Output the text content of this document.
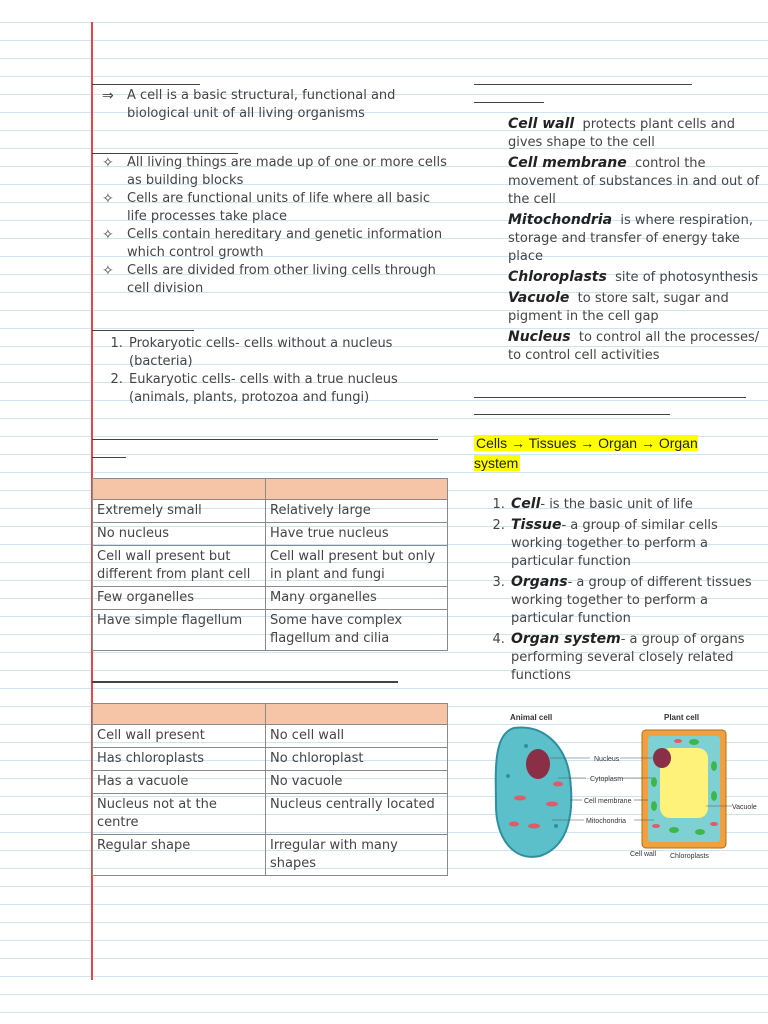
⇒ A cell is a basic structural, functional and biological unit of all living organisms
✧ All living things are made up of one or more cells as building blocks
✧ Cells are functional units of life where all basic life processes take place
✧ Cells contain hereditary and genetic information which control growth
✧ Cells are divided from other living cells through cell division
1. Prokaryotic cells- cells without a nucleus (bacteria)
2. Eukaryotic cells- cells with a true nucleus (animals, plants, protozoa and fungi)

Extremely small	Relatively large
No nucleus	Have true nucleus
Cell wall present but different from plant cell	Cell wall present but only in plant and fungi
Few organelles	Many organelles
Have simple flagellum	Some have complex flagellum and cilia

Cell wall present	No cell wall
Has chloroplasts	No chloroplast
Has a vacuole	No vacuole
Nucleus not at the centre	Nucleus centrally located
Regular shape	Irregular with many shapes
Cell wall protects plant cells and gives shape to the cell
Cell membrane control the movement of substances in and out of the cell
Mitochondria is where respiration, storage and transfer of energy take place
Chloroplasts site of photosynthesis
Vacuole to store salt, sugar and pigment in the cell gap
Nucleus to control all the processes/ to control cell activities
Cells → Tissues → Organ → Organ system
1. Cell- is the basic unit of life
2. Tissue- a group of similar cells working together to perform a particular function
3. Organs- a group of different tissues working together to perform a particular function
4. Organ system- a group of organs performing several closely related functions
Animal cell	Plant cell
Nucleus
Cytoplasm
Cell membrane
Mitochondria
Vacuole
Cell wall Chloroplasts
